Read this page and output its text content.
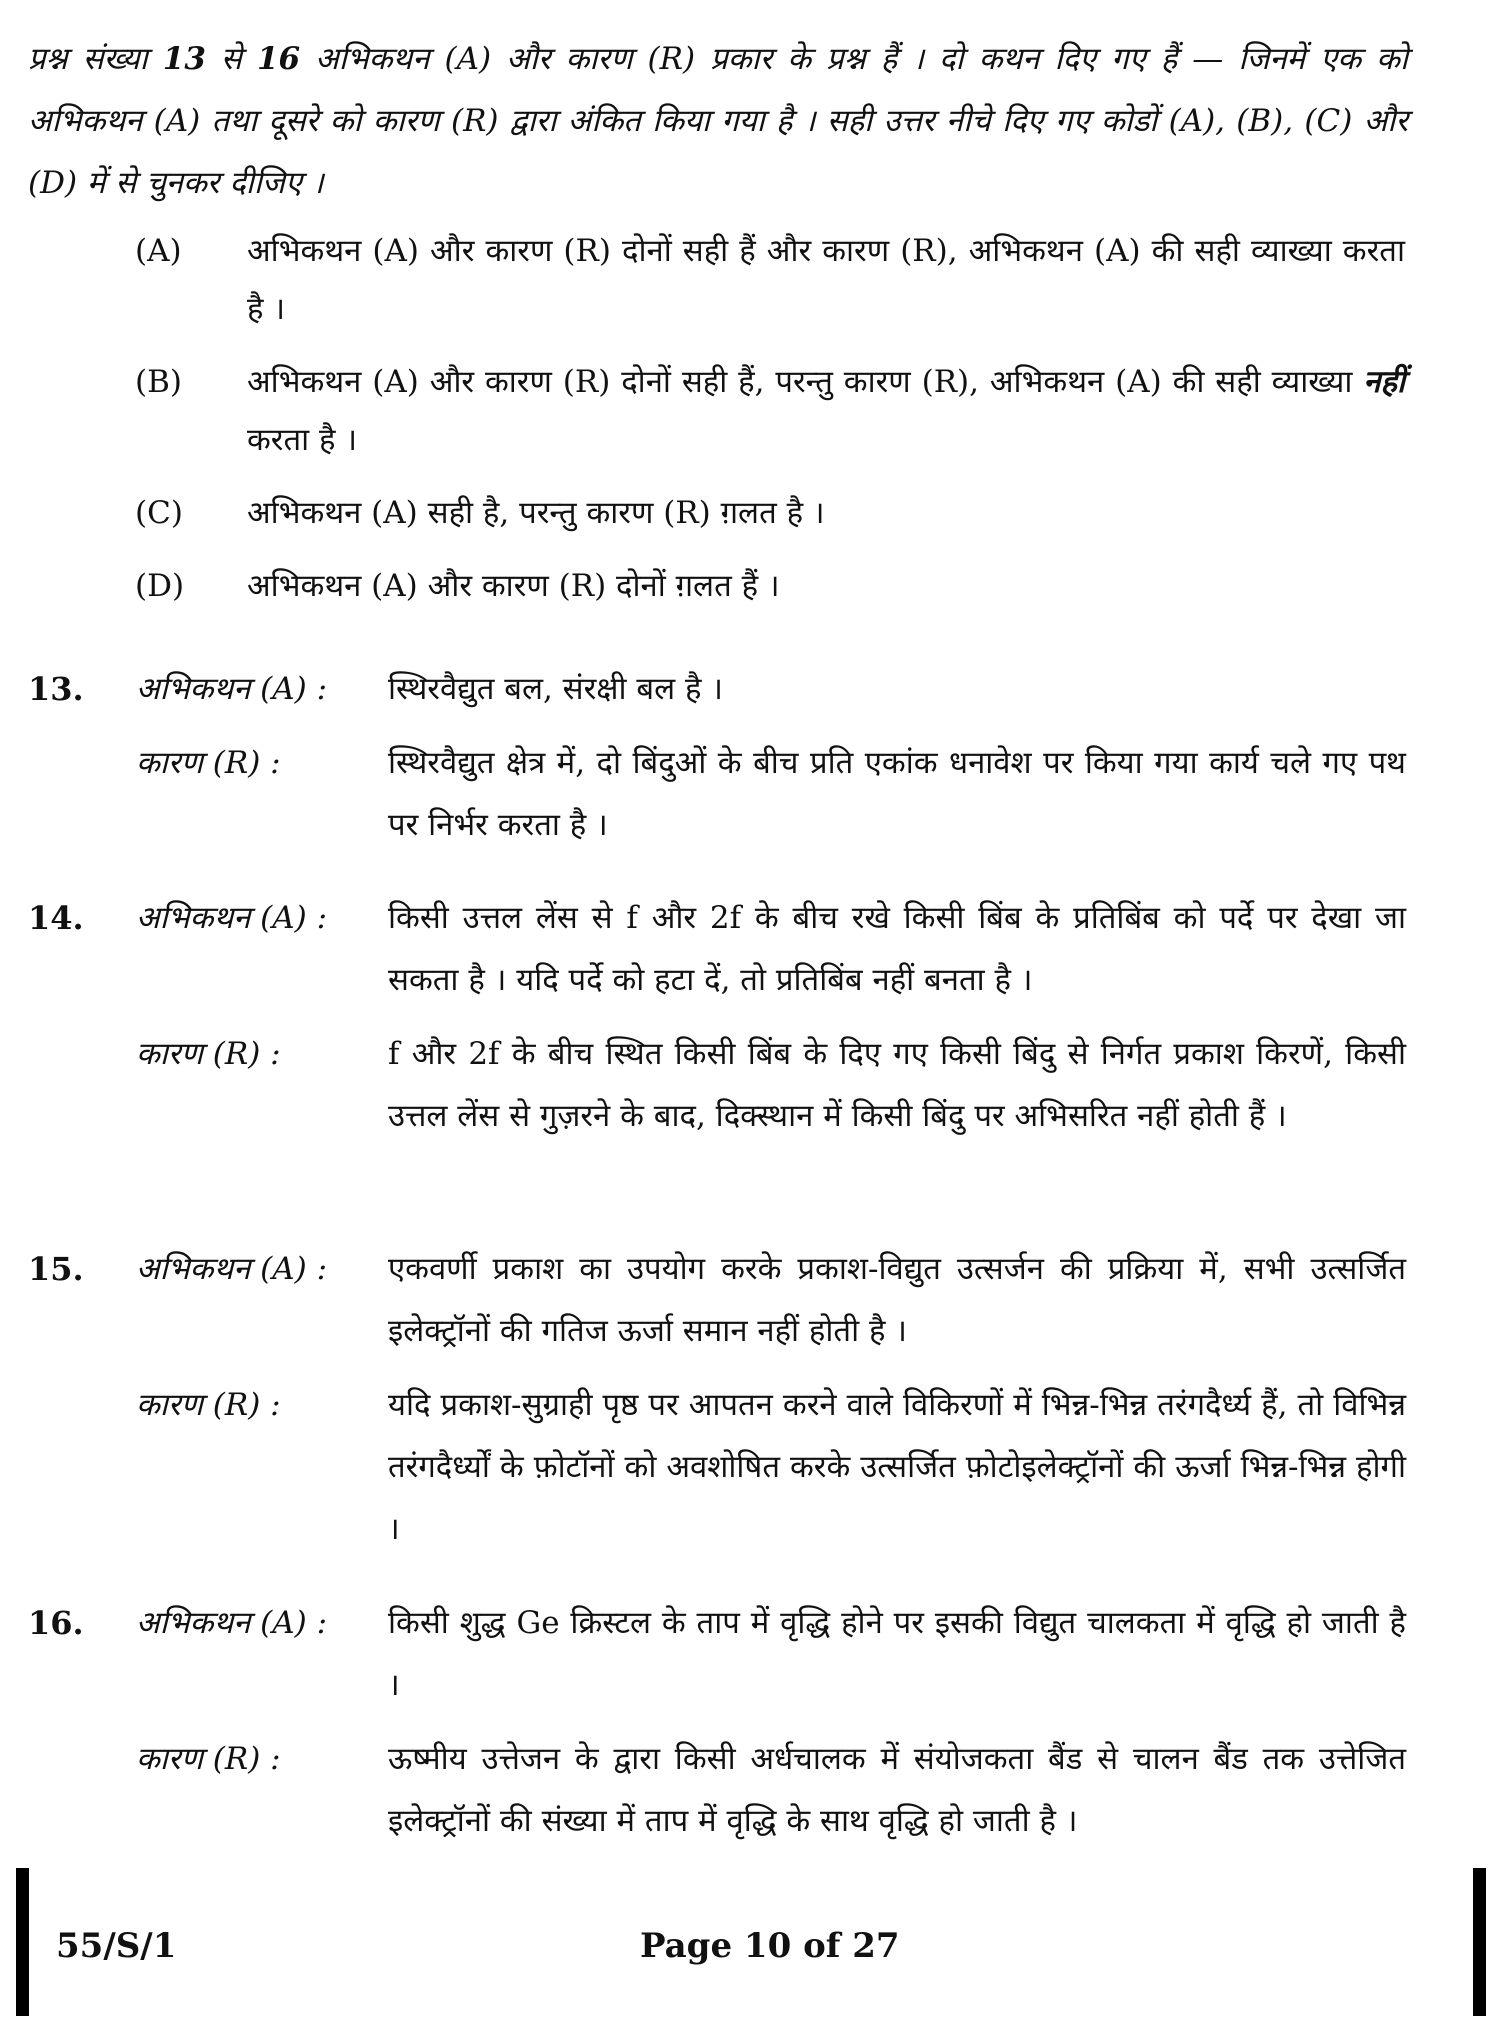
प्रश्न संख्या 13 से 16 अभिकथन (A) और कारण (R) प्रकार के प्रश्न हैं । दो कथन दिए गए हैं — जिनमें एक को अभिकथन (A) तथा दूसरे को कारण (R) द्वारा अंकित किया गया है । सही उत्तर नीचे दिए गए कोडों (A), (B), (C) और (D) में से चुनकर दीजिए ।
(A)	अभिकथन (A) और कारण (R) दोनों सही हैं और कारण (R), अभिकथन (A) की सही व्याख्या करता है ।
(B)	अभिकथन (A) और कारण (R) दोनों सही हैं, परन्तु कारण (R), अभिकथन (A) की सही व्याख्या नहीं करता है ।
(C)	अभिकथन (A) सही है, परन्तु कारण (R) ग़लत है ।
(D)	अभिकथन (A) और कारण (R) दोनों ग़लत हैं ।
13. अभिकथन (A) : स्थिरवैद्युत बल, संरक्षी बल है ।
कारण (R) :	स्थिरवैद्युत क्षेत्र में, दो बिंदुओं के बीच प्रति एकांक धनावेश पर किया गया कार्य चले गए पथ पर निर्भर करता है ।
14. अभिकथन (A) : किसी उत्तल लेंस से f और 2f के बीच रखे किसी बिंब के प्रतिबिंब को पर्दे पर देखा जा सकता है । यदि पर्दे को हटा दें, तो प्रतिबिंब नहीं बनता है ।
कारण (R) :	f और 2f के बीच स्थित किसी बिंब के दिए गए किसी बिंदु से निर्गत प्रकाश किरणें, किसी उत्तल लेंस से गुज़रने के बाद, दिक्स्थान में किसी बिंदु पर अभिसरित नहीं होती हैं ।
15. अभिकथन (A) : एकवर्णी प्रकाश का उपयोग करके प्रकाश-विद्युत उत्सर्जन की प्रक्रिया में, सभी उत्सर्जित इलेक्ट्रॉनों की गतिज ऊर्जा समान नहीं होती है ।
कारण (R) :	यदि प्रकाश-सुग्राही पृष्ठ पर आपतन करने वाले विकिरणों में भिन्न-भिन्न तरंगदैर्ध्य हैं, तो विभिन्न तरंगदैर्ध्यों के फ़ोटॉनों को अवशोषित करके उत्सर्जित फ़ोटोइलेक्ट्रॉनों की ऊर्जा भिन्न-भिन्न होगी ।
16. अभिकथन (A) : किसी शुद्ध Ge क्रिस्टल के ताप में वृद्धि होने पर इसकी विद्युत चालकता में वृद्धि हो जाती है ।
कारण (R) :	ऊष्मीय उत्तेजन के द्वारा किसी अर्धचालक में संयोजकता बैंड से चालन बैंड तक उत्तेजित इलेक्ट्रॉनों की संख्या में ताप में वृद्धि के साथ वृद्धि हो जाती है ।
55/S/1	Page 10 of 27
